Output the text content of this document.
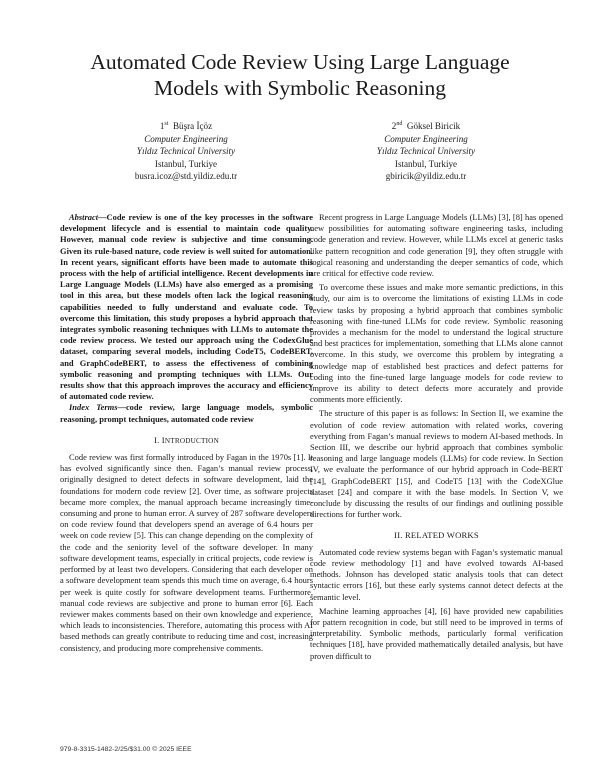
Automated Code Review Using Large Language
Models with Symbolic Reasoning
1st Büşra İçöz
Computer Engineering
Yıldız Technical University
Istanbul, Turkiye
busra.icoz@std.yildiz.edu.tr
2nd Göksel Biricik
Computer Engineering
Yıldız Technical University
Istanbul, Turkiye
gbiricik@yildiz.edu.tr

Abstract—Code review is one of the key processes in the software development lifecycle and is essential to maintain code quality. However, manual code review is subjective and time consuming. Given its rule-based nature, code review is well suited for automation. In recent years, significant efforts have been made to automate this process with the help of artificial intelligence. Recent developments in Large Language Models (LLMs) have also emerged as a promising tool in this area, but these models often lack the logical reasoning capabilities needed to fully understand and evaluate code. To overcome this limitation, this study proposes a hybrid approach that integrates symbolic reasoning techniques with LLMs to automate the code review process. We tested our approach using the CodexGlue dataset, comparing several models, including CodeT5, CodeBERT, and GraphCodeBERT, to assess the effectiveness of combining symbolic reasoning and prompting techniques with LLMs. Our results show that this approach improves the accuracy and efficiency of automated code review.

Index Terms—code review, large language models, symbolic reasoning, prompt techniques, automated code review

I. INTRODUCTION

Code review was first formally introduced by Fagan in the 1970s [1]. It has evolved significantly since then. Fagan’s manual review process, originally designed to detect defects in software development, laid the foundations for modern code review [2]. Over time, as software projects became more complex, the manual approach became increasingly time-consuming and prone to human error. A survey of 287 software developers on code review found that developers spend an average of 6.4 hours per week on code review [5]. This can change depending on the complexity of the code and the seniority level of the software developer. In many software development teams, especially in critical projects, code review is performed by at least two developers. Considering that each developer on a software development team spends this much time on average, 6.4 hours per week is quite costly for software development teams. Furthermore, manual code reviews are subjective and prone to human error [6]. Each reviewer makes comments based on their own knowledge and experience, which leads to inconsistencies. Therefore, automating this process with AI based methods can greatly contribute to reducing time and cost, increasing consistency, and producing more comprehensive comments.

Recent progress in Large Language Models (LLMs) [3], [8] has opened new possibilities for automating software engineering tasks, including code generation and review. However, while LLMs excel at generic tasks like pattern recognition and code generation [9], they often struggle with logical reasoning and understanding the deeper semantics of code, which are critical for effective code review.

To overcome these issues and make more semantic predictions, in this study, our aim is to overcome the limitations of existing LLMs in code review tasks by proposing a hybrid approach that combines symbolic reasoning with fine-tuned LLMs for code review. Symbolic reasoning provides a mechanism for the model to understand the logical structure and best practices for implementation, something that LLMs alone cannot overcome. In this study, we overcome this problem by integrating a knowledge map of established best practices and defect patterns for coding into the fine-tuned large language models for code review to improve its ability to detect defects more accurately and provide comments more efficiently.

The structure of this paper is as follows: In Section II, we examine the evolution of code review automation with related works, covering everything from Fagan’s manual reviews to modern AI-based methods. In Section III, we describe our hybrid approach that combines symbolic reasoning and large language models (LLMs) for code review. In Section IV, we evaluate the performance of our hybrid approach in Code-BERT [14], GraphCodeBERT [15], and CodeT5 [13] with the CodeXGlue dataset [24] and compare it with the base models. In Section V, we conclude by discussing the results of our findings and outlining possible directions for further work.

II. RELATED WORKS

Automated code review systems began with Fagan’s systematic manual code review methodology [1] and have evolved towards AI-based methods. Johnson has developed static analysis tools that can detect syntactic errors [16], but these early systems cannot detect defects at the semantic level.

Machine learning approaches [4], [6] have provided new capabilities for pattern recognition in code, but still need to be improved in terms of interpretability. Symbolic methods, particularly formal verification techniques [18], have provided mathematically detailed analysis, but have proven difficult to

979-8-3315-1482-2/25/$31.00 © 2025 IEEE
